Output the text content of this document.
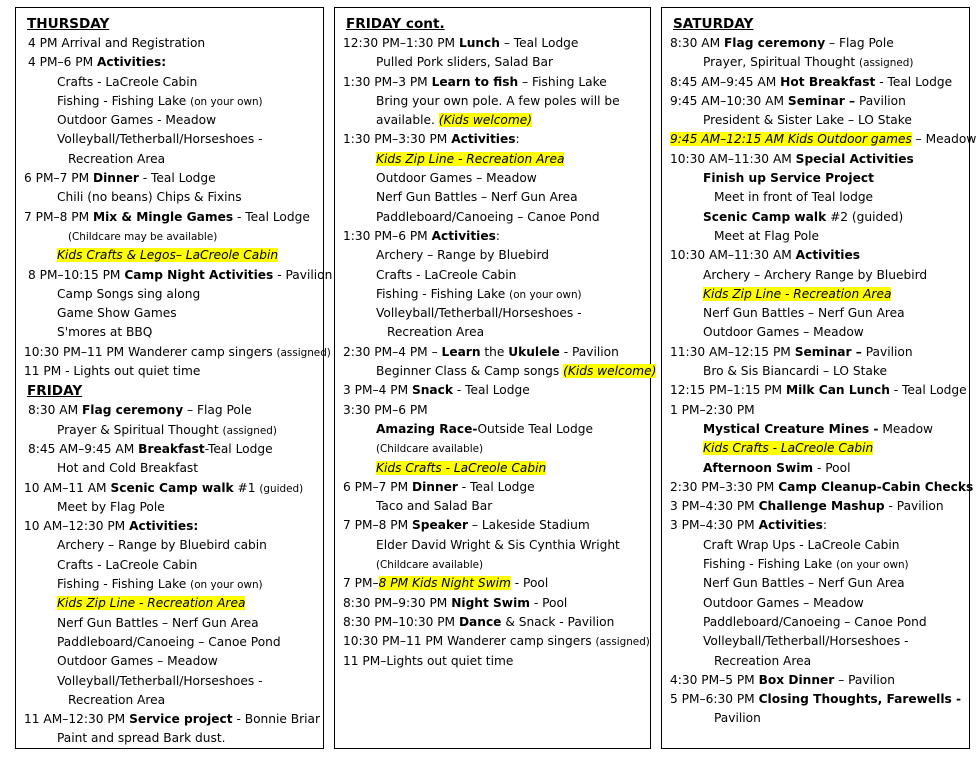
THURSDAY
4 PM Arrival and Registration
4 PM–6 PM Activities:
Crafts - LaCreole Cabin
Fishing - Fishing Lake (on your own)
Outdoor Games - Meadow
Volleyball/Tetherball/Horseshoes -
Recreation Area
6 PM–7 PM Dinner - Teal Lodge
Chili (no beans) Chips & Fixins
7 PM–8 PM Mix & Mingle Games - Teal Lodge
(Childcare may be available)
Kids Crafts & Legos– LaCreole Cabin
8 PM–10:15 PM Camp Night Activities - Pavilion
Camp Songs sing along
Game Show Games
S'mores at BBQ
10:30 PM–11 PM Wanderer camp singers (assigned)
11 PM - Lights out quiet time
FRIDAY
8:30 AM Flag ceremony – Flag Pole
Prayer & Spiritual Thought (assigned)
8:45 AM–9:45 AM Breakfast-Teal Lodge
Hot and Cold Breakfast
10 AM–11 AM Scenic Camp walk #1 (guided)
Meet by Flag Pole
10 AM–12:30 PM Activities:
Archery – Range by Bluebird cabin
Crafts - LaCreole Cabin
Fishing - Fishing Lake (on your own)
Kids Zip Line - Recreation Area
Nerf Gun Battles – Nerf Gun Area
Paddleboard/Canoeing – Canoe Pond
Outdoor Games – Meadow
Volleyball/Tetherball/Horseshoes -
Recreation Area
11 AM–12:30 PM Service project - Bonnie Briar
Paint and spread Bark dust.
FRIDAY cont.
12:30 PM–1:30 PM Lunch – Teal Lodge
Pulled Pork sliders, Salad Bar
1:30 PM–3 PM Learn to fish – Fishing Lake
Bring your own pole. A few poles will be
available. (Kids welcome)
1:30 PM–3:30 PM Activities:
Kids Zip Line - Recreation Area
Outdoor Games – Meadow
Nerf Gun Battles – Nerf Gun Area
Paddleboard/Canoeing – Canoe Pond
1:30 PM–6 PM Activities:
Archery – Range by Bluebird
Crafts - LaCreole Cabin
Fishing - Fishing Lake (on your own)
Volleyball/Tetherball/Horseshoes -
Recreation Area
2:30 PM–4 PM – Learn the Ukulele - Pavilion
Beginner Class & Camp songs (Kids welcome)
3 PM–4 PM Snack - Teal Lodge
3:30 PM–6 PM
Amazing Race-Outside Teal Lodge
(Childcare available)
Kids Crafts - LaCreole Cabin
6 PM–7 PM Dinner - Teal Lodge
Taco and Salad Bar
7 PM–8 PM Speaker – Lakeside Stadium
Elder David Wright & Sis Cynthia Wright
(Childcare available)
7 PM–8 PM Kids Night Swim - Pool
8:30 PM–9:30 PM Night Swim - Pool
8:30 PM–10:30 PM Dance & Snack - Pavilion
10:30 PM–11 PM Wanderer camp singers (assigned)
11 PM–Lights out quiet time
SATURDAY
8:30 AM Flag ceremony – Flag Pole
Prayer, Spiritual Thought (assigned)
8:45 AM–9:45 AM Hot Breakfast - Teal Lodge
9:45 AM–10:30 AM Seminar – Pavilion
President & Sister Lake – LO Stake
9:45 AM–12:15 AM Kids Outdoor games – Meadow
10:30 AM–11:30 AM Special Activities
Finish up Service Project
Meet in front of Teal lodge
Scenic Camp walk #2 (guided)
Meet at Flag Pole
10:30 AM–11:30 AM Activities
Archery – Archery Range by Bluebird
Kids Zip Line - Recreation Area
Nerf Gun Battles – Nerf Gun Area
Outdoor Games – Meadow
11:30 AM–12:15 PM Seminar – Pavilion
Bro & Sis Biancardi – LO Stake
12:15 PM–1:15 PM Milk Can Lunch - Teal Lodge
1 PM–2:30 PM
Mystical Creature Mines - Meadow
Kids Crafts - LaCreole Cabin
Afternoon Swim - Pool
2:30 PM–3:30 PM Camp Cleanup-Cabin Checks
3 PM–4:30 PM Challenge Mashup - Pavilion
3 PM–4:30 PM Activities:
Craft Wrap Ups - LaCreole Cabin
Fishing - Fishing Lake (on your own)
Nerf Gun Battles – Nerf Gun Area
Outdoor Games – Meadow
Paddleboard/Canoeing – Canoe Pond
Volleyball/Tetherball/Horseshoes -
Recreation Area
4:30 PM–5 PM Box Dinner – Pavilion
5 PM–6:30 PM Closing Thoughts, Farewells -
Pavilion
